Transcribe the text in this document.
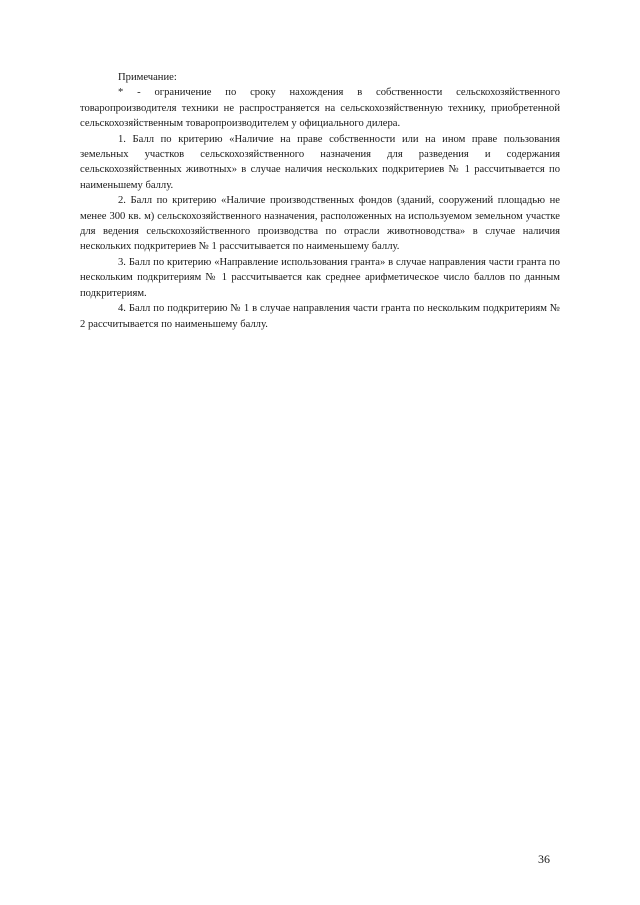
Примечание:

* - ограничение по сроку нахождения в собственности сельскохозяйственного товаропроизводителя техники не распространяется на сельскохозяйственную технику, приобретенной сельскохозяйственным товаропроизводителем у официального дилера.

1. Балл по критерию «Наличие на праве собственности или на ином праве пользования земельных участков сельскохозяйственного назначения для разведения и содержания сельскохозяйственных животных» в случае наличия нескольких подкритериев № 1 рассчитывается по наименьшему баллу.

2. Балл по критерию «Наличие производственных фондов (зданий, сооружений площадью не менее 300 кв. м) сельскохозяйственного назначения, расположенных на используемом земельном участке для ведения сельскохозяйственного производства по отрасли животноводства» в случае наличия нескольких подкритериев № 1 рассчитывается по наименьшему баллу.

3. Балл по критерию «Направление использования гранта» в случае направления части гранта по нескольким подкритериям № 1 рассчитывается как среднее арифметическое число баллов по данным подкритериям.

4. Балл по подкритерию № 1 в случае направления части гранта по нескольким подкритериям № 2 рассчитывается по наименьшему баллу.

36
